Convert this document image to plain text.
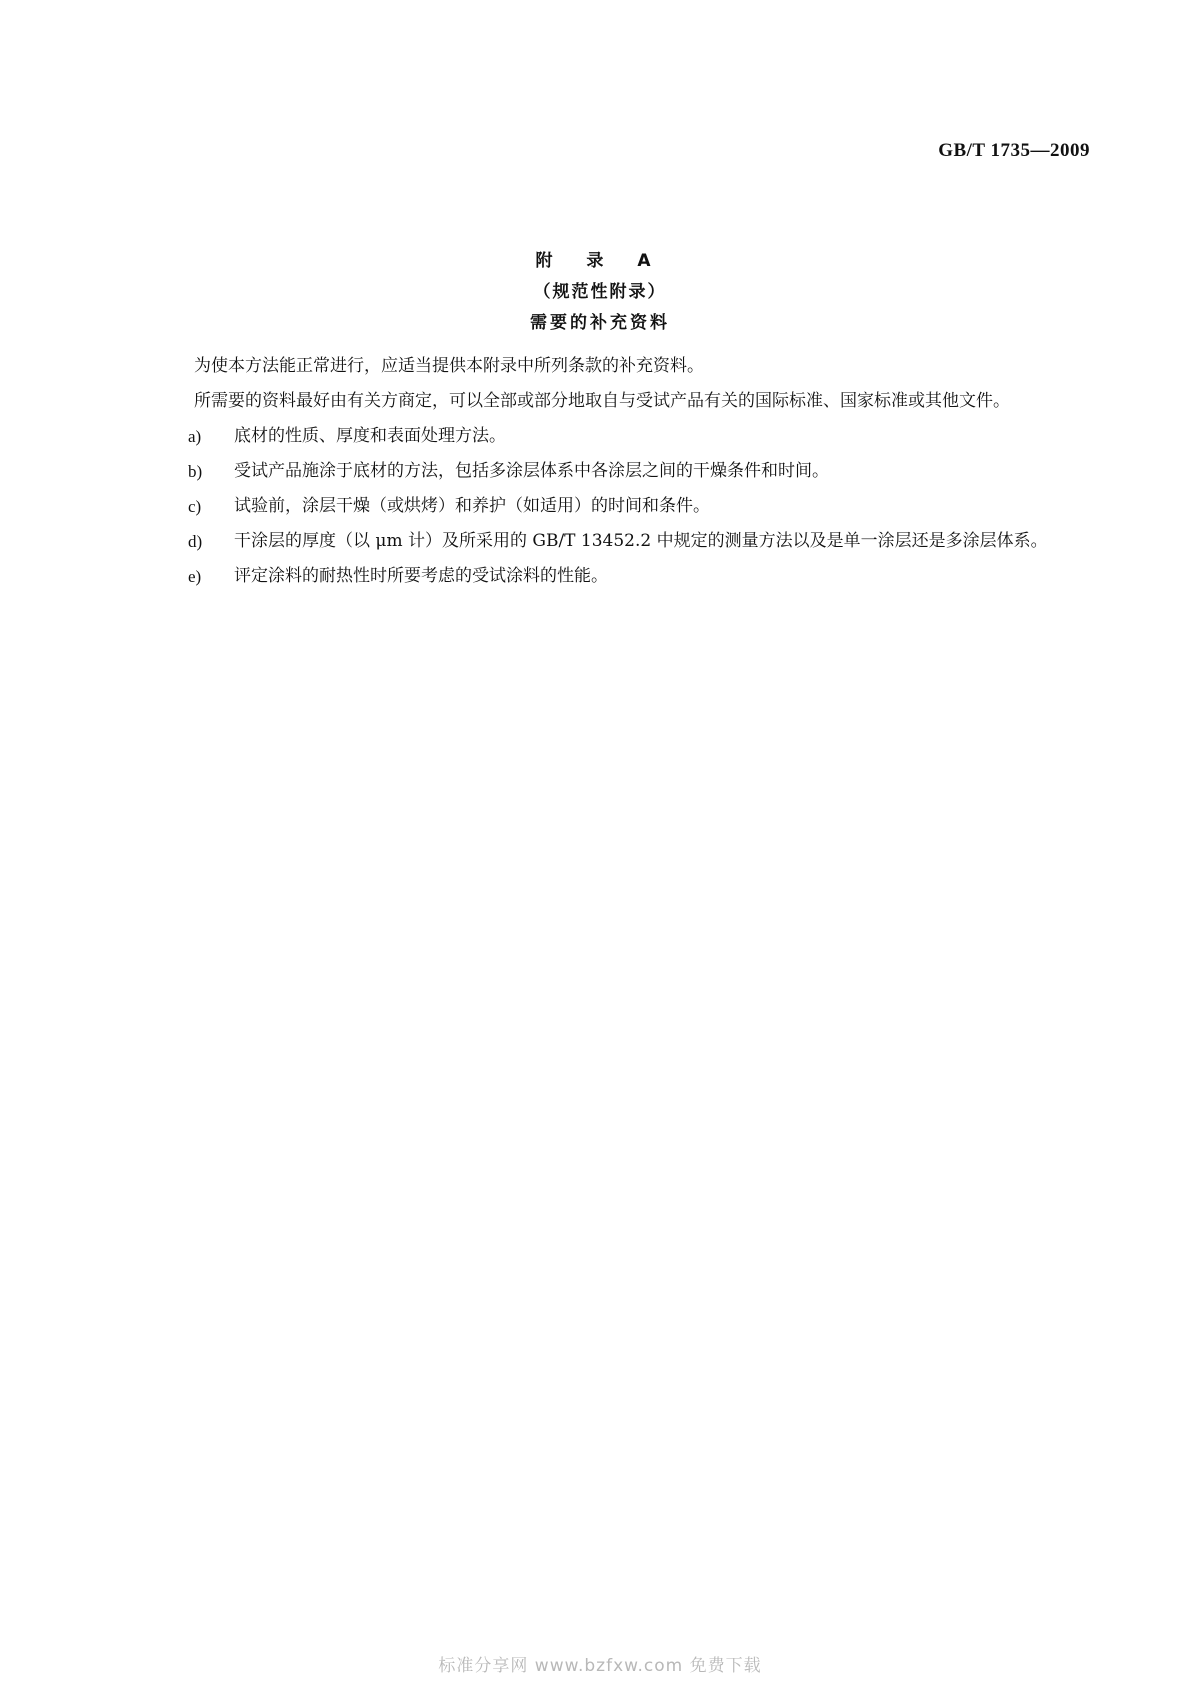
GB/T 1735—2009

附 录 A

（规范性附录）

需要的补充资料

为使本方法能正常进行，应适当提供本附录中所列条款的补充资料。

所需要的资料最好由有关方商定，可以全部或部分地取自与受试产品有关的国际标准、国家标准或其他文件。

a) 底材的性质、厚度和表面处理方法。
b) 受试产品施涂于底材的方法，包括多涂层体系中各涂层之间的干燥条件和时间。
c) 试验前，涂层干燥（或烘烤）和养护（如适用）的时间和条件。
d) 干涂层的厚度（以 μm 计）及所采用的 GB/T 13452.2 中规定的测量方法以及是单一涂层还是多涂层体系。
e) 评定涂料的耐热性时所要考虑的受试涂料的性能。
标准分享网 www.bzfxw.com 免费下载
